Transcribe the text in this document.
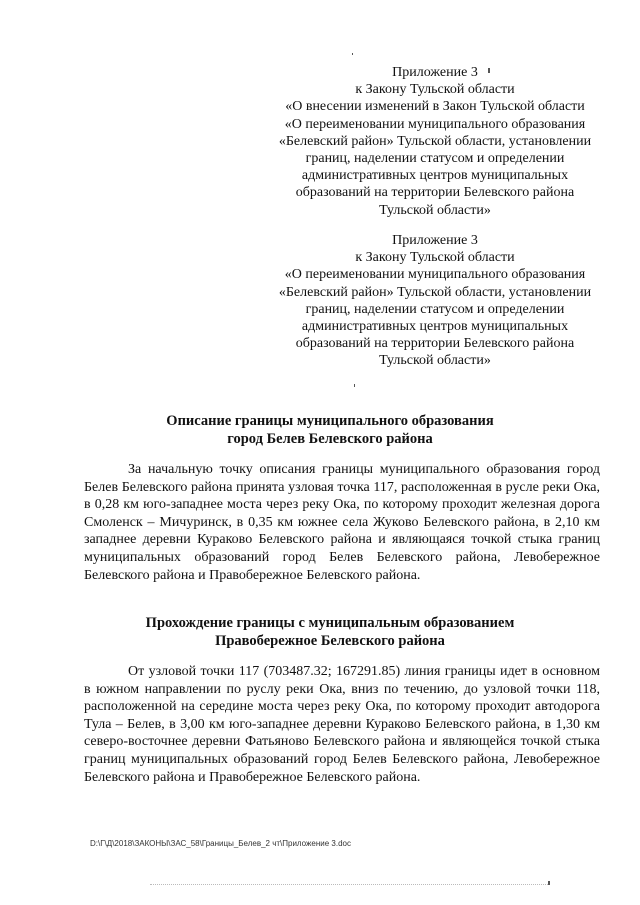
Приложение 3
к Закону Тульской области
«О внесении изменений в Закон Тульской области
«О переименовании муниципального образования
«Белевский район» Тульской области, установлении
границ, наделении статусом и определении
административных центров муниципальных
образований на территории Белевского района
Тульской области»
Приложение 3
к Закону Тульской области
«О переименовании муниципального образования
«Белевский район» Тульской области, установлении
границ, наделении статусом и определении
административных центров муниципальных
образований на территории Белевского района
Тульской области»
Описание границы муниципального образования
город Белев Белевского района

За начальную точку описания границы муниципального образования город Белев Белевского района принята узловая точка 117, расположенная в русле реки Ока, в 0,28 км юго-западнее моста через реку Ока, по которому проходит железная дорога Смоленск – Мичуринск, в 0,35 км южнее села Жуково Белевского района, в 2,10 км западнее деревни Кураково Белевского района и являющаяся точкой стыка границ муниципальных образований город Белев Белевского района, Левобережное Белевского района и Правобережное Белевского района.

Прохождение границы с муниципальным образованием
Правобережное Белевского района

От узловой точки 117 (703487.32; 167291.85) линия границы идет в основном в южном направлении по руслу реки Ока, вниз по течению, до узловой точки 118, расположенной на середине моста через реку Ока, по которому проходит автодорога Тула – Белев, в 3,00 км юго-западнее деревни Кураково Белевского района, в 1,30 км северо-восточнее деревни Фатьяново Белевского района и являющейся точкой стыка границ муниципальных образований город Белев Белевского района, Левобережное Белевского района и Правобережное Белевского района.

D:\Г\Д\2018\ЗАКОНЫ\ЗАС_58\Границы_Белев_2 чт\Приложение 3.doc
